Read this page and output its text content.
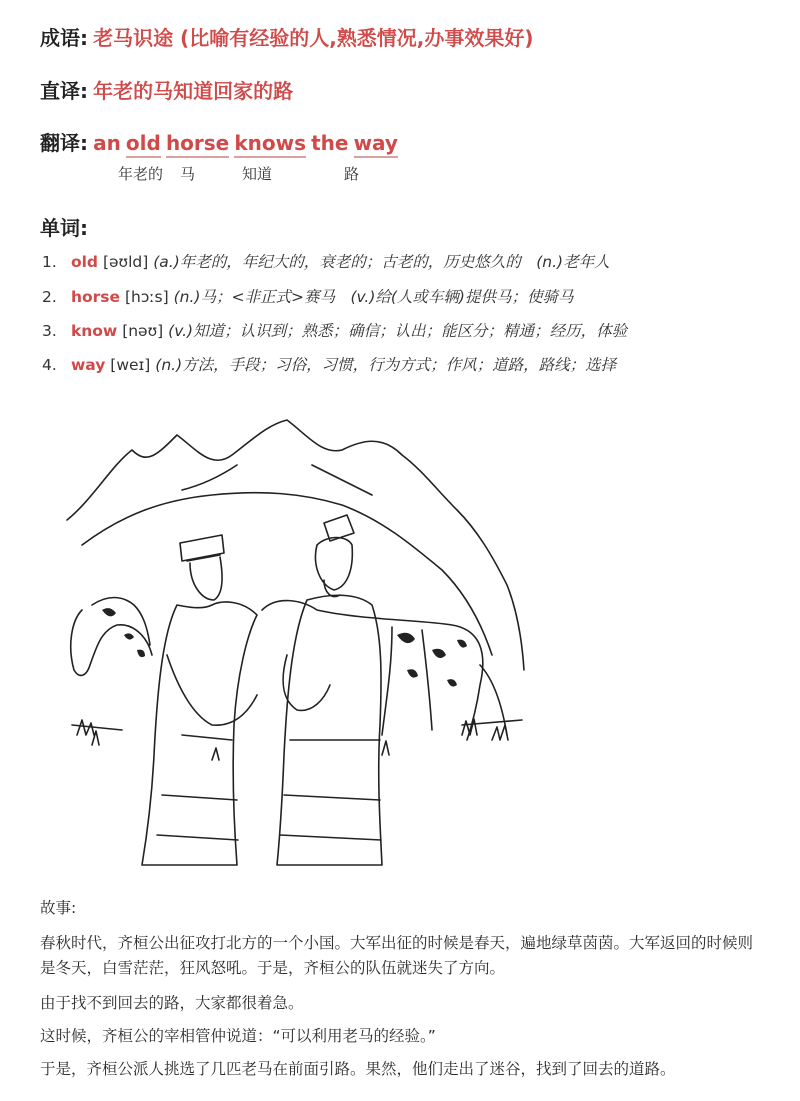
成语: 老马识途 (比喻有经验的人,熟悉情况,办事效果好)
直译: 年老的马知道回家的路
翻译: an old horse knows the way
年老的 马	知道	路
单词:
1. old [əʊld] (a.)年老的，年纪大的，衰老的；古老的，历史悠久的　(n.)老年人
2. horse [hɔːs] (n.)马；<非正式>赛马　(v.)给(人或车辆)提供马；使骑马
3. know [nəʊ] (v.)知道；认识到；熟悉；确信；认出；能区分；精通；经历，体验
4. way [weɪ] (n.)方法，手段；习俗，习惯，行为方式；作风；道路，路线；选择
故事:
春秋时代，齐桓公出征攻打北方的一个小国。大军出征的时候是春天，遍地绿草茵茵。大军返回的时候则是冬天，白雪茫茫，狂风怒吼。于是，齐桓公的队伍就迷失了方向。
由于找不到回去的路，大家都很着急。
这时候，齐桓公的宰相管仲说道：“可以利用老马的经验。”
于是，齐桓公派人挑选了几匹老马在前面引路。果然，他们走出了迷谷，找到了回去的道路。
